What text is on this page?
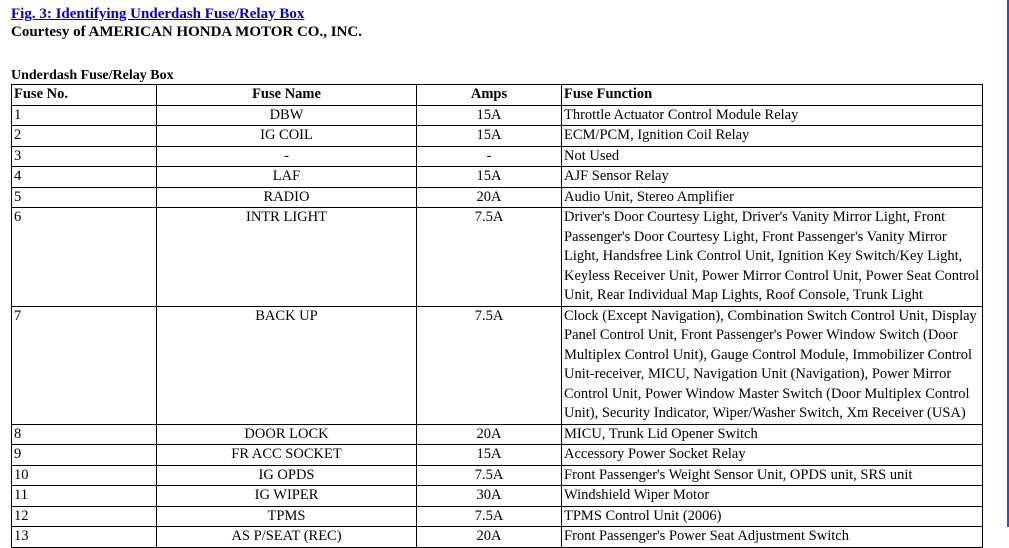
Fig. 3: Identifying Underdash Fuse/Relay Box
Courtesy of AMERICAN HONDA MOTOR CO., INC.
Underdash Fuse/Relay Box
Fuse No.	Fuse Name	Amps	Fuse Function
1	DBW	15A	Throttle Actuator Control Module Relay
2	IG COIL	15A	ECM/PCM, Ignition Coil Relay
3	-	-	Not Used
4	LAF	15A	AJF Sensor Relay
5	RADIO	20A	Audio Unit, Stereo Amplifier
6	INTR LIGHT	7.5A	Driver's Door Courtesy Light, Driver's Vanity Mirror Light, Front Passenger's Door Courtesy Light, Front Passenger's Vanity Mirror Light, Handsfree Link Control Unit, Ignition Key Switch/Key Light, Keyless Receiver Unit, Power Mirror Control Unit, Power Seat Control Unit, Rear Individual Map Lights, Roof Console, Trunk Light
7	BACK UP	7.5A	Clock (Except Navigation), Combination Switch Control Unit, Display Panel Control Unit, Front Passenger's Power Window Switch (Door Multiplex Control Unit), Gauge Control Module, Immobilizer Control Unit-receiver, MICU, Navigation Unit (Navigation), Power Mirror Control Unit, Power Window Master Switch (Door Multiplex Control Unit), Security Indicator, Wiper/Washer Switch, Xm Receiver (USA)
8	DOOR LOCK	20A	MICU, Trunk Lid Opener Switch
9	FR ACC SOCKET	15A	Accessory Power Socket Relay
10	IG OPDS	7.5A	Front Passenger's Weight Sensor Unit, OPDS unit, SRS unit
11	IG WIPER	30A	Windshield Wiper Motor
12	TPMS	7.5A	TPMS Control Unit (2006)
13	AS P/SEAT (REC)	20A	Front Passenger's Power Seat Adjustment Switch
